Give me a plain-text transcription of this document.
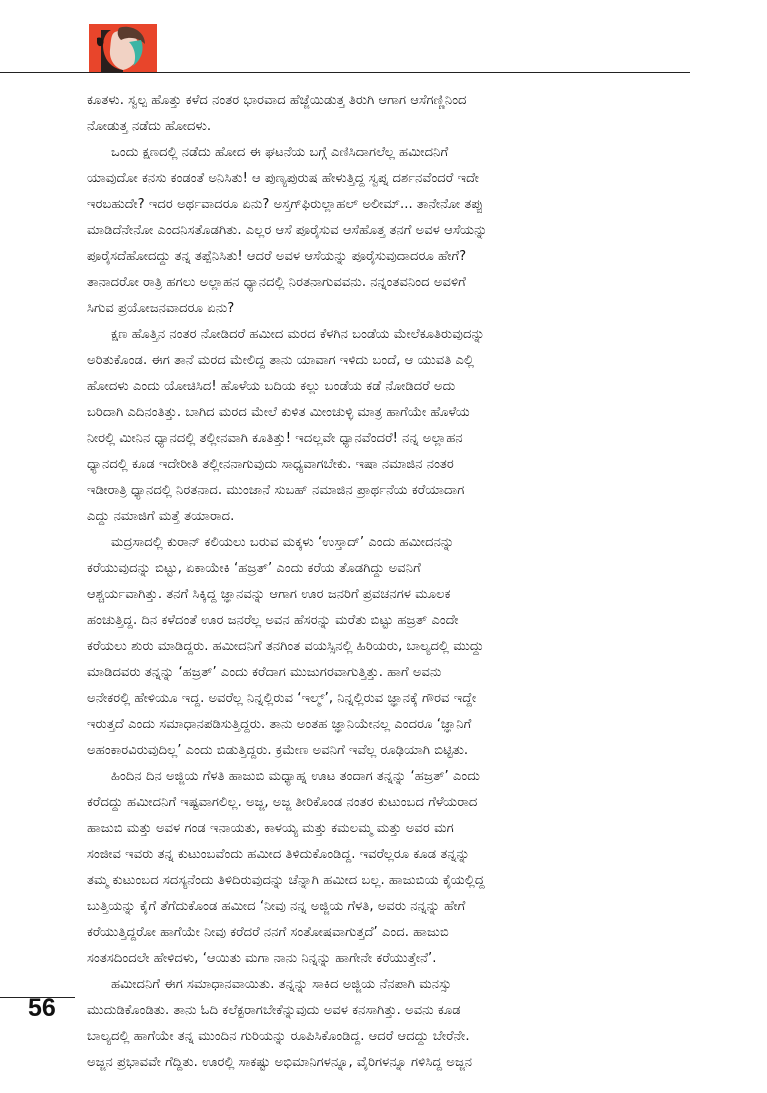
ಕೂತಳು. ಸ್ವಲ್ಪ ಹೊತ್ತು ಕಳೆದ ನಂತರ ಭಾರವಾದ ಹೆಜ್ಜೆಯಿಡುತ್ತ ತಿರುಗಿ ಆಗಾಗ ಆಸೆಗಣ್ಣಿನಿಂದ
ನೋಡುತ್ತ ನಡೆದು ಹೋದಳು.
ಒಂದು ಕ್ಷಣದಲ್ಲಿ ನಡೆದು ಹೋದ ಈ ಘಟನೆಯ ಬಗ್ಗೆ ಎಣಿಸಿದಾಗಲೆಲ್ಲ ಹಮೀದನಿಗೆ
ಯಾವುದೋ ಕನಸು ಕಂಡಂತೆ ಅನಿಸಿತು! ಆ ಪುಣ್ಯಪುರುಷ ಹೇಳುತ್ತಿದ್ದ ಸ್ವಪ್ನ ದರ್ಶನವೆಂದರೆ ಇದೇ
ಇರಬಹುದೇ? ಇದರ ಅರ್ಥವಾದರೂ ಏನು? ಅಸ್ತಗ್‌ಫಿರುಲ್ಲಾಹಲ್ ಅಲೀಮ್... ತಾನೇನೋ ತಪ್ಪು
ಮಾಡಿದೆನೇನೋ ಎಂದನಿಸತೊಡಗಿತು. ಎಲ್ಲರ ಆಸೆ ಪೂರೈಸುವ ಆಸೆಹೊತ್ತ ತನಗೆ ಅವಳ ಆಸೆಯನ್ನು
ಪೂರೈಸದೆಹೋದದ್ದು ತನ್ನ ತಪ್ಪೆನಿಸಿತು! ಆದರೆ ಅವಳ ಆಸೆಯನ್ನು ಪೂರೈಸುವುದಾದರೂ ಹೇಗೆ?
ತಾನಾದರೋ ರಾತ್ರಿ ಹಗಲು ಅಲ್ಲಾಹನ ಧ್ಯಾನದಲ್ಲಿ ನಿರತನಾಗುವವನು. ನನ್ನಂತವನಿಂದ ಅವಳಿಗೆ
ಸಿಗುವ ಪ್ರಯೋಜನವಾದರೂ ಏನು?
ಕ್ಷಣ ಹೊತ್ತಿನ ನಂತರ ನೋಡಿದರೆ ಹಮೀದ ಮರದ ಕೆಳಗಿನ ಬಂಡೆಯ ಮೇಲೆಕೂತಿರುವುದನ್ನು
ಅರಿತುಕೊಂಡ. ಈಗ ತಾನೆ ಮರದ ಮೇಲಿದ್ದ ತಾನು ಯಾವಾಗ ಇಳಿದು ಬಂದೆ, ಆ ಯುವತಿ ಎಲ್ಲಿ
ಹೋದಳು ಎಂದು ಯೋಚಿಸಿದ! ಹೊಳೆಯ ಬದಿಯ ಕಲ್ಲು ಬಂಡೆಯ ಕಡೆ ನೋಡಿದರೆ ಅದು
ಬರಿದಾಗಿ ಎದಿನಂತಿತ್ತು. ಬಾಗಿದ ಮರದ ಮೇಲೆ ಕುಳಿತ ಮೀಂಚುಳ್ಳಿ ಮಾತ್ರ ಹಾಗೆಯೇ ಹೊಳೆಯ
ನೀರಲ್ಲಿ ಮೀನಿನ ಧ್ಯಾನದಲ್ಲಿ ತಲ್ಲೀನವಾಗಿ ಕೂತಿತ್ತು! ಇದಲ್ಲವೇ ಧ್ಯಾನವೆಂದರೆ! ನನ್ನ ಅಲ್ಲಾಹನ
ಧ್ಯಾನದಲ್ಲಿ ಕೂಡ ಇದೇರೀತಿ ತಲ್ಲೀನನಾಗುವುದು ಸಾಧ್ಯವಾಗಬೇಕು. ಇಷಾ ನಮಾಜಿನ ನಂತರ
ಇಡೀರಾತ್ರಿ ಧ್ಯಾನದಲ್ಲಿ ನಿರತನಾದ. ಮುಂಜಾನೆ ಸುಬಹ್ ನಮಾಜಿನ ಪ್ರಾರ್ಥನೆಯ ಕರೆಯಾದಾಗ
ಎದ್ದು ನಮಾಜಿಗೆ ಮತ್ತೆ ತಯಾರಾದ.
ಮದ್ರಸಾದಲ್ಲಿ ಕುರಾನ್ ಕಲಿಯಲು ಬರುವ ಮಕ್ಕಳು ‘ಉಸ್ತಾದ್’ ಎಂದು ಹಮೀದನನ್ನು
ಕರೆಯುವುದನ್ನು ಬಿಟ್ಟು, ಏಕಾಯೇಕಿ ‘ಹಜ್ರತ್’ ಎಂದು ಕರೆಯ ತೊಡಗಿದ್ದು ಅವನಿಗೆ
ಆಶ್ಚರ್ಯವಾಗಿತ್ತು. ತನಗೆ ಸಿಕ್ಕಿದ್ದ ಜ್ಞಾನವನ್ನು ಆಗಾಗ ಊರ ಜನರಿಗೆ ಪ್ರವಚನಗಳ ಮೂಲಕ
ಹಂಚುತ್ತಿದ್ದ. ದಿನ ಕಳೆದಂತೆ ಊರ ಜನರೆಲ್ಲ ಅವನ ಹೆಸರನ್ನು ಮರೆತು ಬಿಟ್ಟು ಹಜ್ರತ್ ಎಂದೇ
ಕರೆಯಲು ಶುರು ಮಾಡಿದ್ದರು. ಹಮೀದನಿಗೆ ತನಗಿಂತ ವಯಸ್ಸಿನಲ್ಲಿ ಹಿರಿಯರು, ಬಾಲ್ಯದಲ್ಲಿ ಮುದ್ದು
ಮಾಡಿದವರು ತನ್ನನ್ನು ‘ಹಜ್ರತ್’ ಎಂದು ಕರೆದಾಗ ಮುಜುಗರವಾಗುತ್ತಿತ್ತು. ಹಾಗೆ ಅವನು
ಅನೇಕರಲ್ಲಿ ಹೇಳಿಯೂ ಇದ್ದ. ಅವರೆಲ್ಲ ನಿನ್ನಲ್ಲಿರುವ ‘ಇಲ್ಮ್’, ನಿನ್ನಲ್ಲಿರುವ ಜ್ಞಾನಕ್ಕೆ ಗೌರವ ಇದ್ದೇ
ಇರುತ್ತದೆ ಎಂದು ಸಮಾಧಾನಪಡಿಸುತ್ತಿದ್ದರು. ತಾನು ಅಂತಹ ಜ್ಞಾನಿಯೇನಲ್ಲ ಎಂದರೂ ‘ಜ್ಞಾನಿಗೆ
ಅಹಂಕಾರವಿರುವುದಿಲ್ಲ’ ಎಂದು ಬಿಡುತ್ತಿದ್ದರು. ಕ್ರಮೇಣ ಅವನಿಗೆ ಇವೆಲ್ಲ ರೂಢಿಯಾಗಿ ಬಿಟ್ಟಿತು.
ಹಿಂದಿನ ದಿನ ಅಜ್ಜಿಯ ಗೆಳತಿ ಹಾಜುಬಿ ಮಧ್ಯಾಹ್ನ ಊಟ ತಂದಾಗ ತನ್ನನ್ನು ‘ಹಜ್ರತ್’ ಎಂದು
ಕರೆದದ್ದು ಹಮೀದನಿಗೆ ಇಷ್ಟವಾಗಲಿಲ್ಲ. ಅಜ್ಜ, ಅಜ್ಜ ತೀರಿಕೊಂಡ ನಂತರ ಕುಟುಂಬದ ಗೆಳೆಯರಾದ
ಹಾಜುಬಿ ಮತ್ತು ಅವಳ ಗಂಡ ಇನಾಯತು, ಕಾಳಯ್ಯ ಮತ್ತು ಕಮಲಮ್ಮ ಮತ್ತು ಅವರ ಮಗ
ಸಂಜೀವ ಇವರು ತನ್ನ ಕುಟುಂಬವೆಂದು ಹಮೀದ ತಿಳಿದುಕೊಂಡಿದ್ದ. ಇವರೆಲ್ಲರೂ ಕೂಡ ತನ್ನನ್ನು
ತಮ್ಮ ಕುಟುಂಬದ ಸದಸ್ಯನೆಂದು ತಿಳಿದಿರುವುದನ್ನು ಚೆನ್ನಾಗಿ ಹಮೀದ ಬಲ್ಲ. ಹಾಜುಬಿಯ ಕೈಯಲ್ಲಿದ್ದ
ಬುತ್ತಿಯನ್ನು ಕೈಗೆ ತೆಗೆದುಕೊಂಡ ಹಮೀದ ‘ನೀವು ನನ್ನ ಅಜ್ಜಿಯ ಗೆಳತಿ, ಅವರು ನನ್ನನ್ನು ಹೇಗೆ
ಕರೆಯುತ್ತಿದ್ದರೋ ಹಾಗೆಯೇ ನೀವು ಕರೆದರೆ ನನಗೆ ಸಂತೋಷವಾಗುತ್ತದೆ’ ಎಂದ. ಹಾಜುಬಿ
ಸಂತಸದಿಂದಲೇ ಹೇಳಿದಳು, ‘ಆಯಿತು ಮಗಾ ನಾನು ನಿನ್ನನ್ನು ಹಾಗೇನೇ ಕರೆಯುತ್ತೇನೆ’.
ಹಮೀದನಿಗೆ ಈಗ ಸಮಾಧಾನವಾಯಿತು. ತನ್ನನ್ನು ಸಾಕಿದ ಅಜ್ಜಿಯ ನೆನಪಾಗಿ ಮನಸ್ಸು
ಮುದುಡಿಕೊಂಡಿತು. ತಾನು ಓದಿ ಕಲೆಕ್ಟರಾಗಬೇಕೆನ್ನುವುದು ಅವಳ ಕನಸಾಗಿತ್ತು. ಅವನು ಕೂಡ
ಬಾಲ್ಯದಲ್ಲಿ ಹಾಗೆಯೇ ತನ್ನ ಮುಂದಿನ ಗುರಿಯನ್ನು ರೂಪಿಸಿಕೊಂಡಿದ್ದ. ಆದರೆ ಆದದ್ದು ಬೇರೆನೇ.
ಅಜ್ಜನ ಪ್ರಭಾವವೇ ಗೆದ್ದಿತು. ಊರಲ್ಲಿ ಸಾಕಷ್ಟು ಅಭಿಮಾನಿಗಳನ್ನೂ, ವೈರಿಗಳನ್ನೂ ಗಳಿಸಿದ್ದ ಅಜ್ಜನ
56
